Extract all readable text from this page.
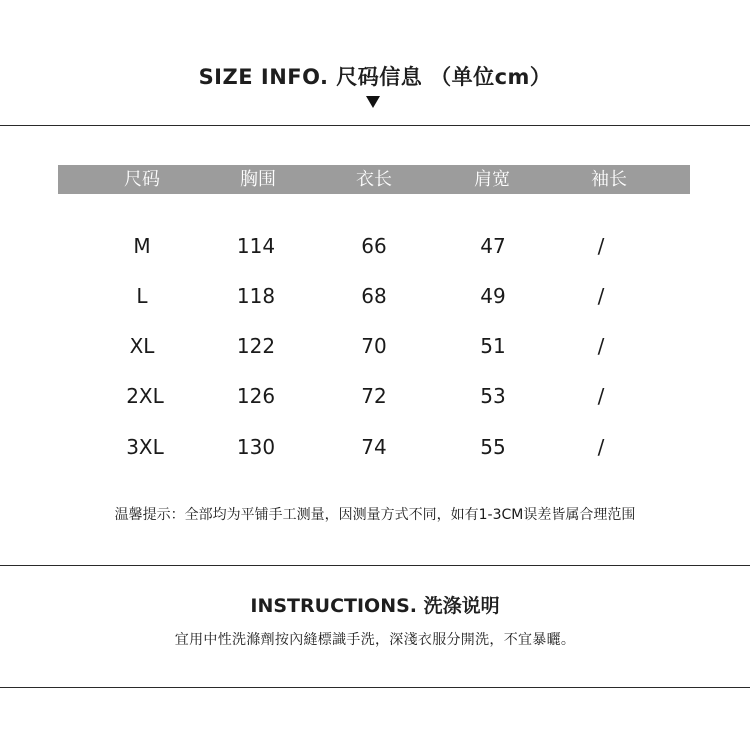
SIZE INFO. 尺码信息 （单位cm）
尺码	胸围	衣长	肩宽	袖长
M	114	66	47	/
L	118	68	49	/
XL	122	70	51	/
2XL	126	72	53	/
3XL	130	74	55	/
温馨提示：全部均为平铺手工测量，因测量方式不同，如有1-3CM误差皆属合理范围
INSTRUCTIONS. 洗涤说明
宜用中性洗滌劑按內縫標識手洗，深淺衣服分開洗，不宜暴曬。
